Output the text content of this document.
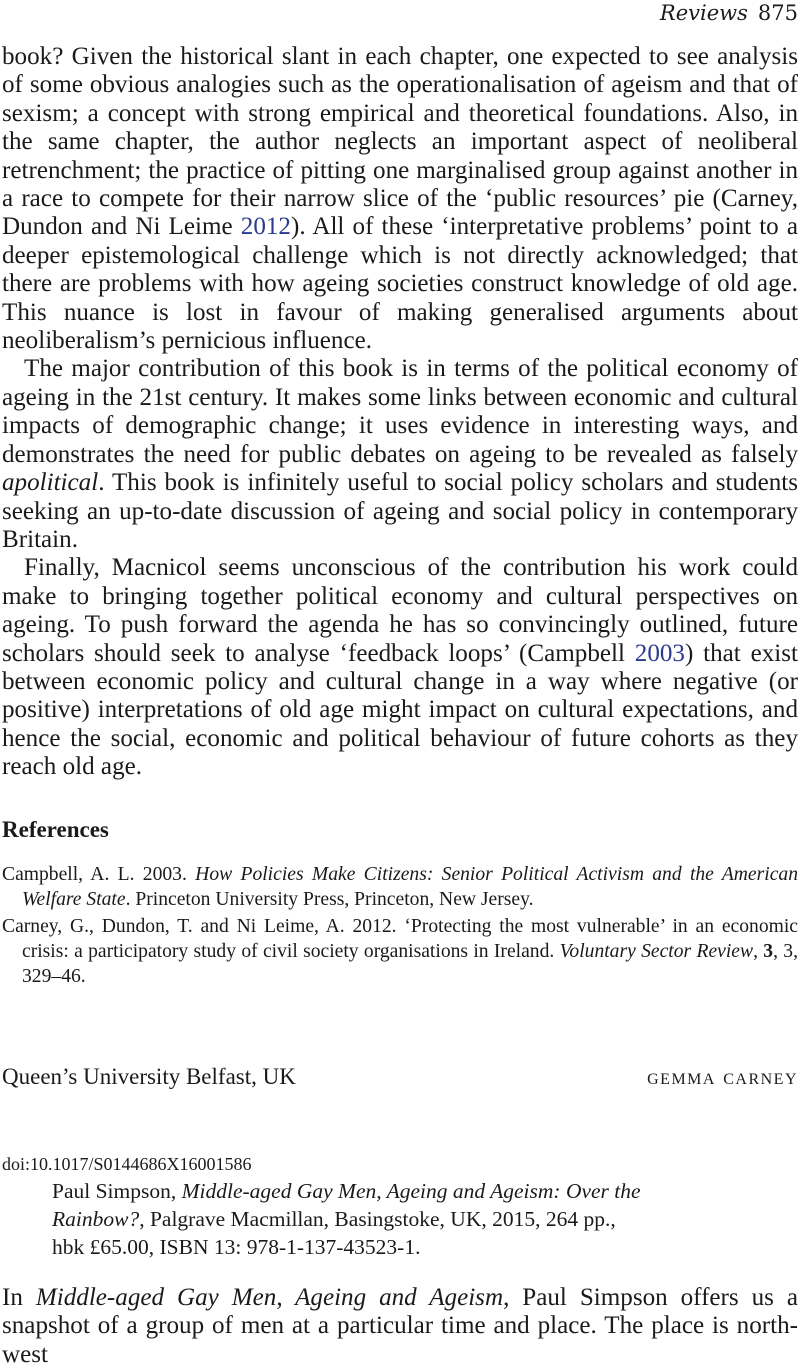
Reviews 875

book? Given the historical slant in each chapter, one expected to see analysis of some obvious analogies such as the operationalisation of ageism and that of sexism; a concept with strong empirical and theoretical foundations. Also, in the same chapter, the author neglects an important aspect of neoliberal retrenchment; the practice of pitting one marginalised group against another in a race to compete for their narrow slice of the ‘public resources’ pie (Carney, Dundon and Ni Leime 2012). All of these ‘interpretative problems’ point to a deeper epistemological challenge which is not directly acknowledged; that there are problems with how ageing societies construct knowledge of old age. This nuance is lost in favour of making generalised arguments about neoliberalism’s pernicious influence.

The major contribution of this book is in terms of the political economy of ageing in the 21st century. It makes some links between economic and cultural impacts of demographic change; it uses evidence in interesting ways, and demonstrates the need for public debates on ageing to be revealed as falsely apolitical. This book is infinitely useful to social policy scholars and students seeking an up-to-date discussion of ageing and social policy in contemporary Britain.

Finally, Macnicol seems unconscious of the contribution his work could make to bringing together political economy and cultural perspectives on ageing. To push forward the agenda he has so convincingly outlined, future scholars should seek to analyse ‘feedback loops’ (Campbell 2003) that exist between economic policy and cultural change in a way where negative (or positive) interpretations of old age might impact on cultural expectations, and hence the social, economic and political behaviour of future cohorts as they reach old age.

References
Campbell, A. L. 2003. How Policies Make Citizens: Senior Political Activism and the American Welfare State. Princeton University Press, Princeton, New Jersey.
Carney, G., Dundon, T. and Ni Leime, A. 2012. ‘Protecting the most vulnerable’ in an economic crisis: a participatory study of civil society organisations in Ireland. Voluntary Sector Review, 3, 3, 329–46.
Queen’s University Belfast, UK	gemma carney
doi:10.1017/S0144686X16001586
Paul Simpson, Middle-aged Gay Men, Ageing and Ageism: Over the
Rainbow?, Palgrave Macmillan, Basingstoke, UK, 2015, 264 pp.,
hbk £65.00, ISBN 13: 978-1-137-43523-1.
In Middle-aged Gay Men, Ageing and Ageism, Paul Simpson offers us a snapshot of a group of men at a particular time and place. The place is north-west
